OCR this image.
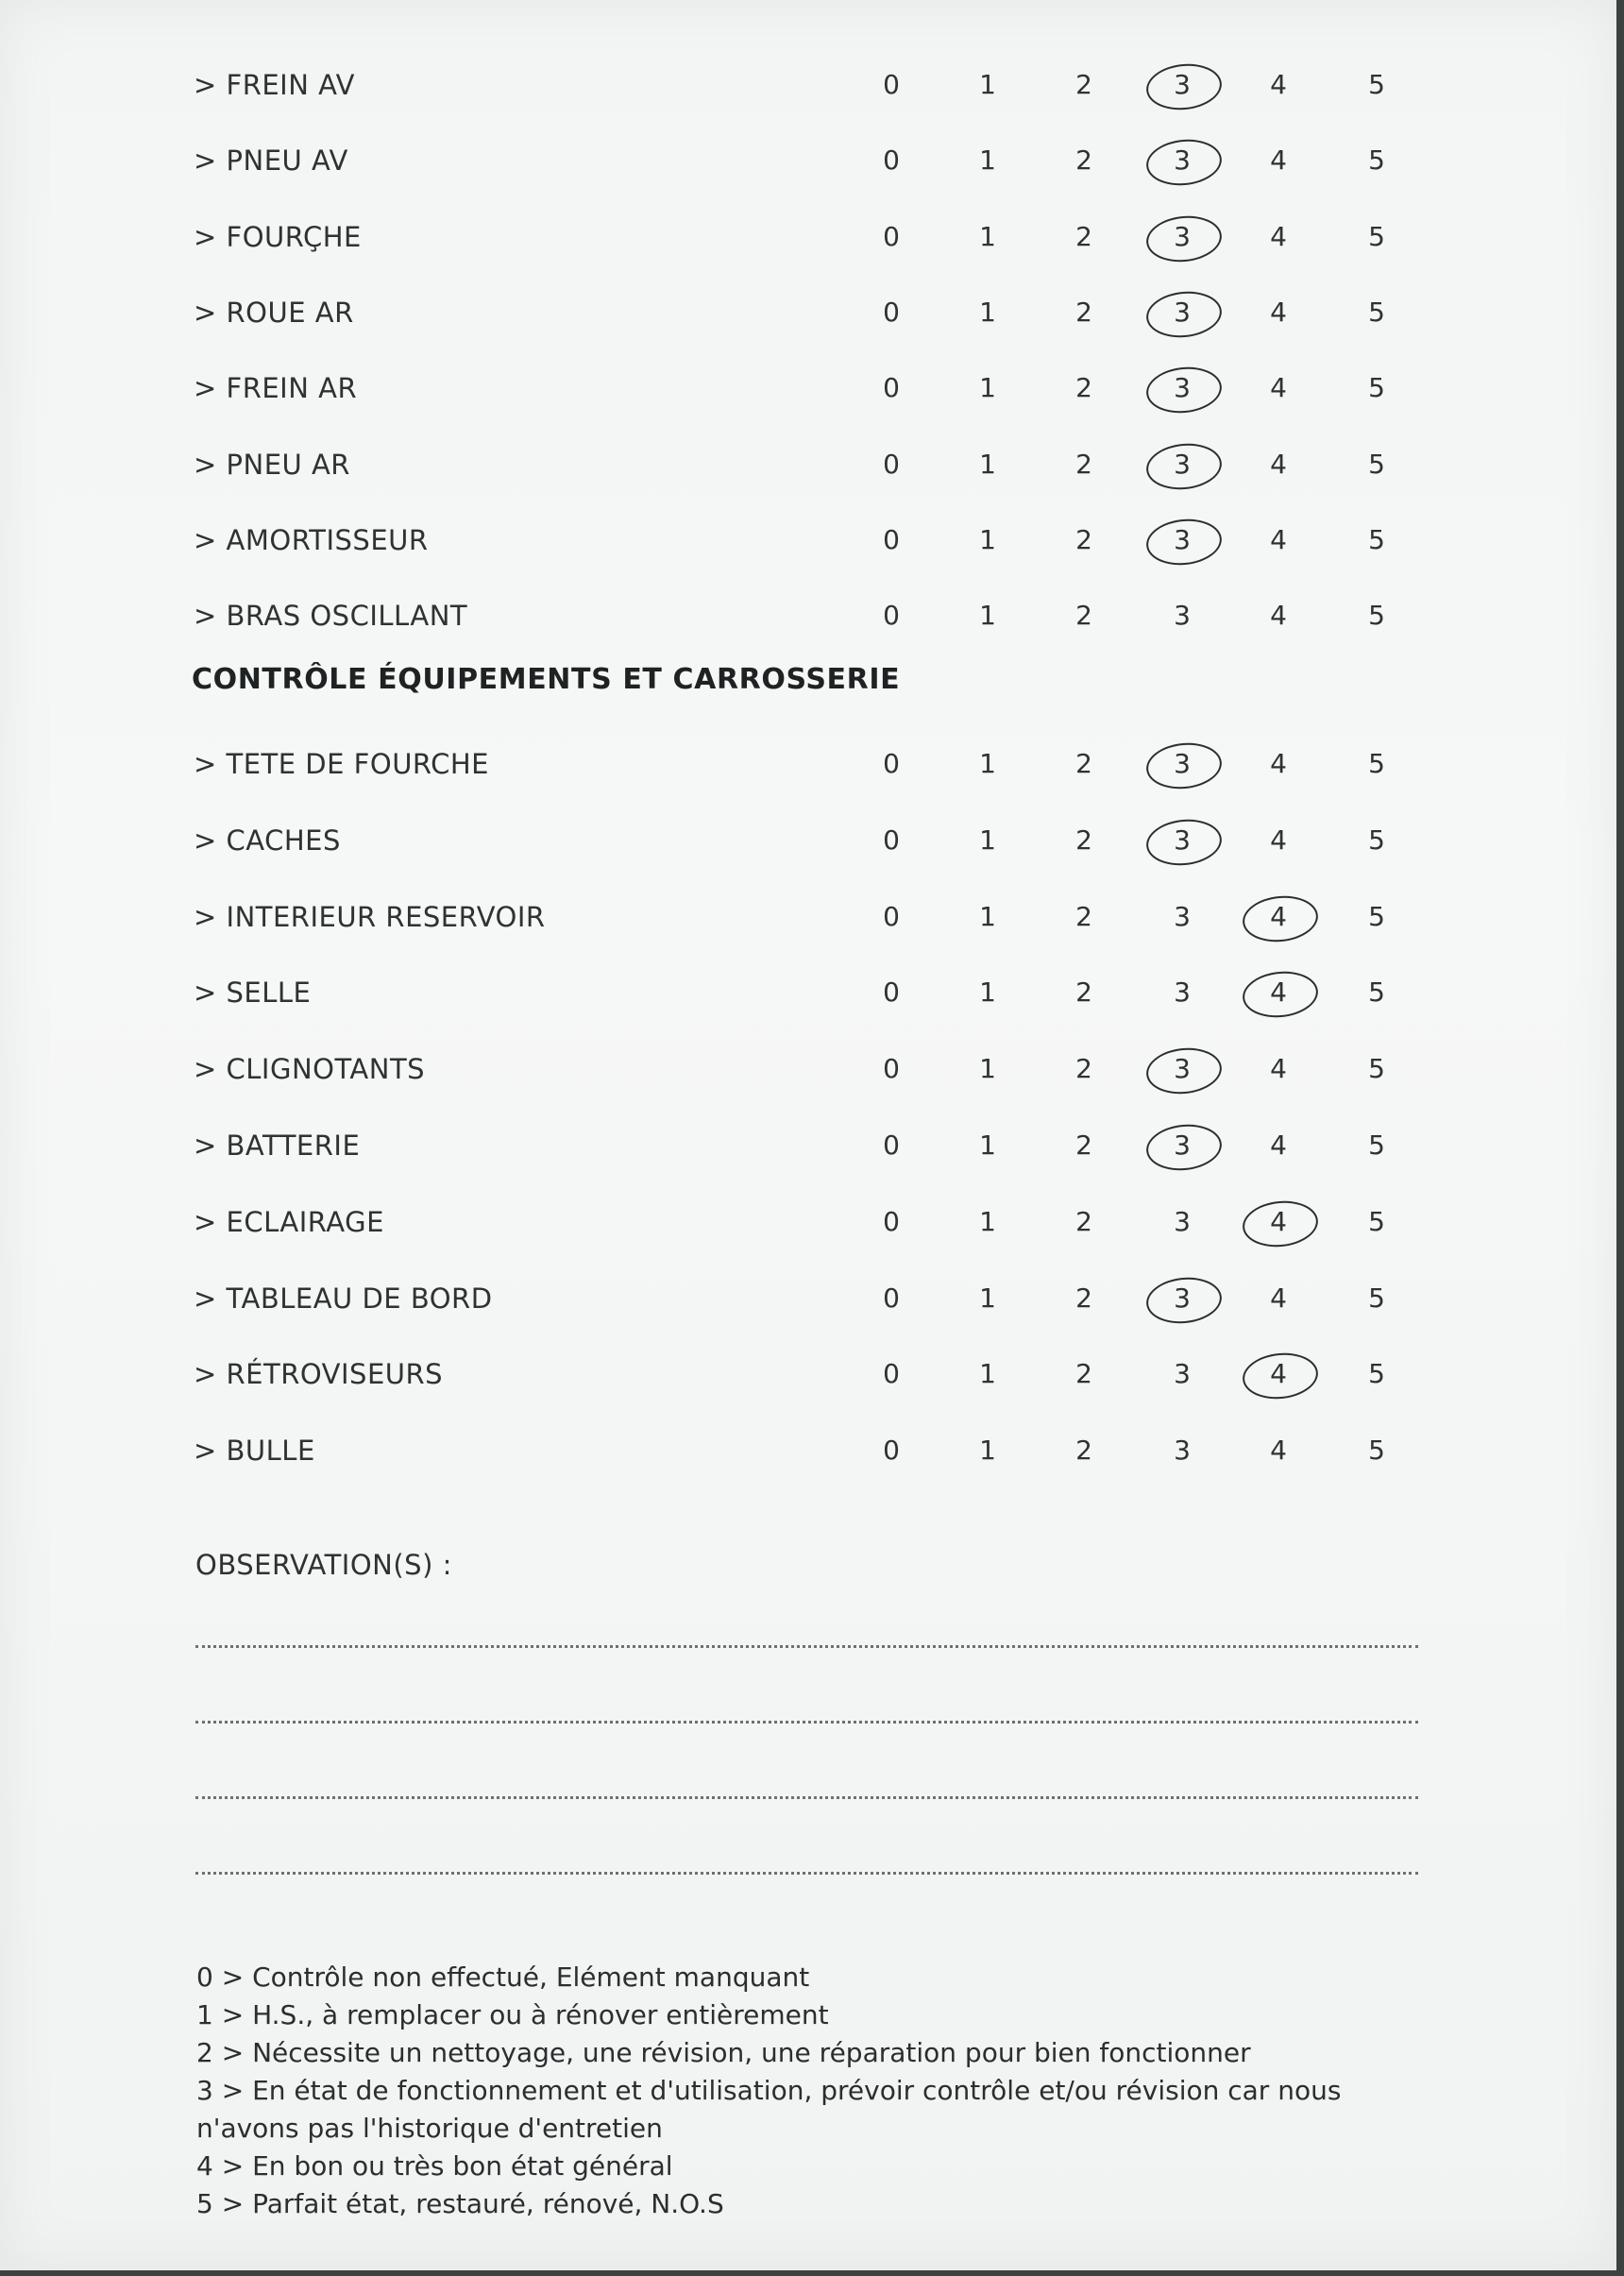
> FREIN AV	0	1	2	3	4	5
> PNEU AV	0	1	2	3	4	5
> FOURÇHE	0	1	2	3	4	5
> ROUE AR	0	1	2	3	4	5
> FREIN AR	0	1	2	3	4	5
> PNEU AR	0	1	2	3	4	5
> AMORTISSEUR	0	1	2	3	4	5
> BRAS OSCILLANT	0	1	2	3	4	5
CONTRÔLE ÉQUIPEMENTS ET CARROSSERIE
> TETE DE FOURCHE	0	1	2	3	4	5
> CACHES	0	1	2	3	4	5
> INTERIEUR RESERVOIR	0	1	2	3	4	5
> SELLE	0	1	2	3	4	5
> CLIGNOTANTS	0	1	2	3	4	5
> BATTERIE	0	1	2	3	4	5
> ECLAIRAGE	0	1	2	3	4	5
> TABLEAU DE BORD	0	1	2	3	4	5
> RÉTROVISEURS	0	1	2	3	4	5
> BULLE	0	1	2	3	4	5
OBSERVATION(S) :
0 > Contrôle non effectué, Elément manquant
1 > H.S., à remplacer ou à rénover entièrement
2 > Nécessite un nettoyage, une révision, une réparation pour bien fonctionner
3 > En état de fonctionnement et d'utilisation, prévoir contrôle et/ou révision car nous n'avons pas l'historique d'entretien
4 > En bon ou très bon état général
5 > Parfait état, restauré, rénové, N.O.S
